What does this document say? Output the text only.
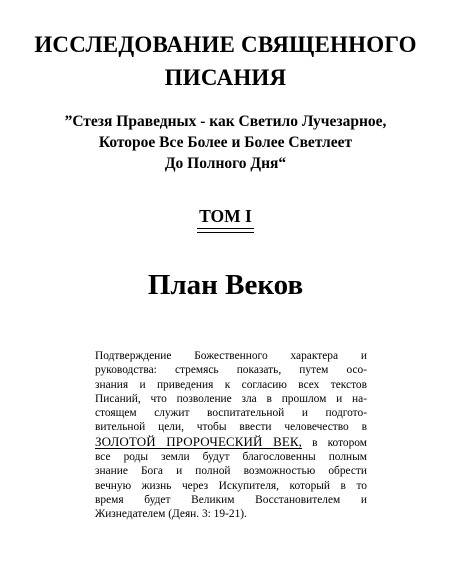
ИССЛЕДОВАНИЕ СВЯЩЕННОГО
ПИСАНИЯ
”Стезя Праведных - как Светило Лучезарное,
Которое Все Более и Более Светлеет
До Полного Дня“
ТОМ I
План Веков
Подтверждение Божественного характера и
руководства: стремясь показать, путем осо-
знания и приведения к согласию всех текстов
Писаний, что позволение зла в прошлом и на-
стоящем служит воспитательной и подгото-
вительной цели, чтобы ввести человечество в
ЗОЛОТОЙ ПРОРОЧЕСКИЙ ВЕК, в котором
все роды земли будут благословенны полным
знание Бога и полной возможностью обрести
вечную жизнь через Искупителя, который в то
время будет Великим Восстановителем и
Жизнедателем (Деян. 3: 19-21).
